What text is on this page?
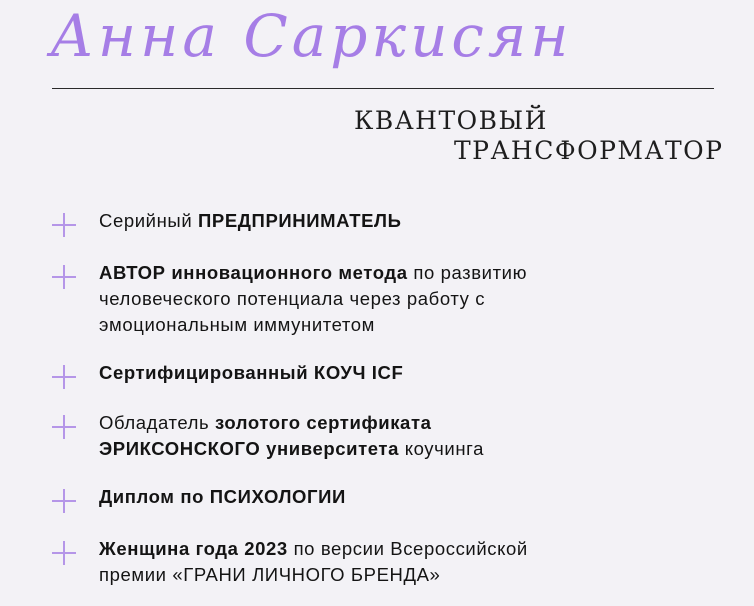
Анна Саркисян
КВАНТОВЫЙ
ТРАНСФОРМАТОР
Серийный ПРЕДПРИНИМАТЕЛЬ
АВТОР инновационного метода по развитию
человеческого потенциала через работу с
эмоциональным иммунитетом
Сертифицированный КОУЧ ICF
Обладатель золотого сертификата
ЭРИКСОНСКОГО университета коучинга
Диплом по ПСИХОЛОГИИ
Женщина года 2023 по версии Всероссийской
премии «ГРАНИ ЛИЧНОГО БРЕНДА»
